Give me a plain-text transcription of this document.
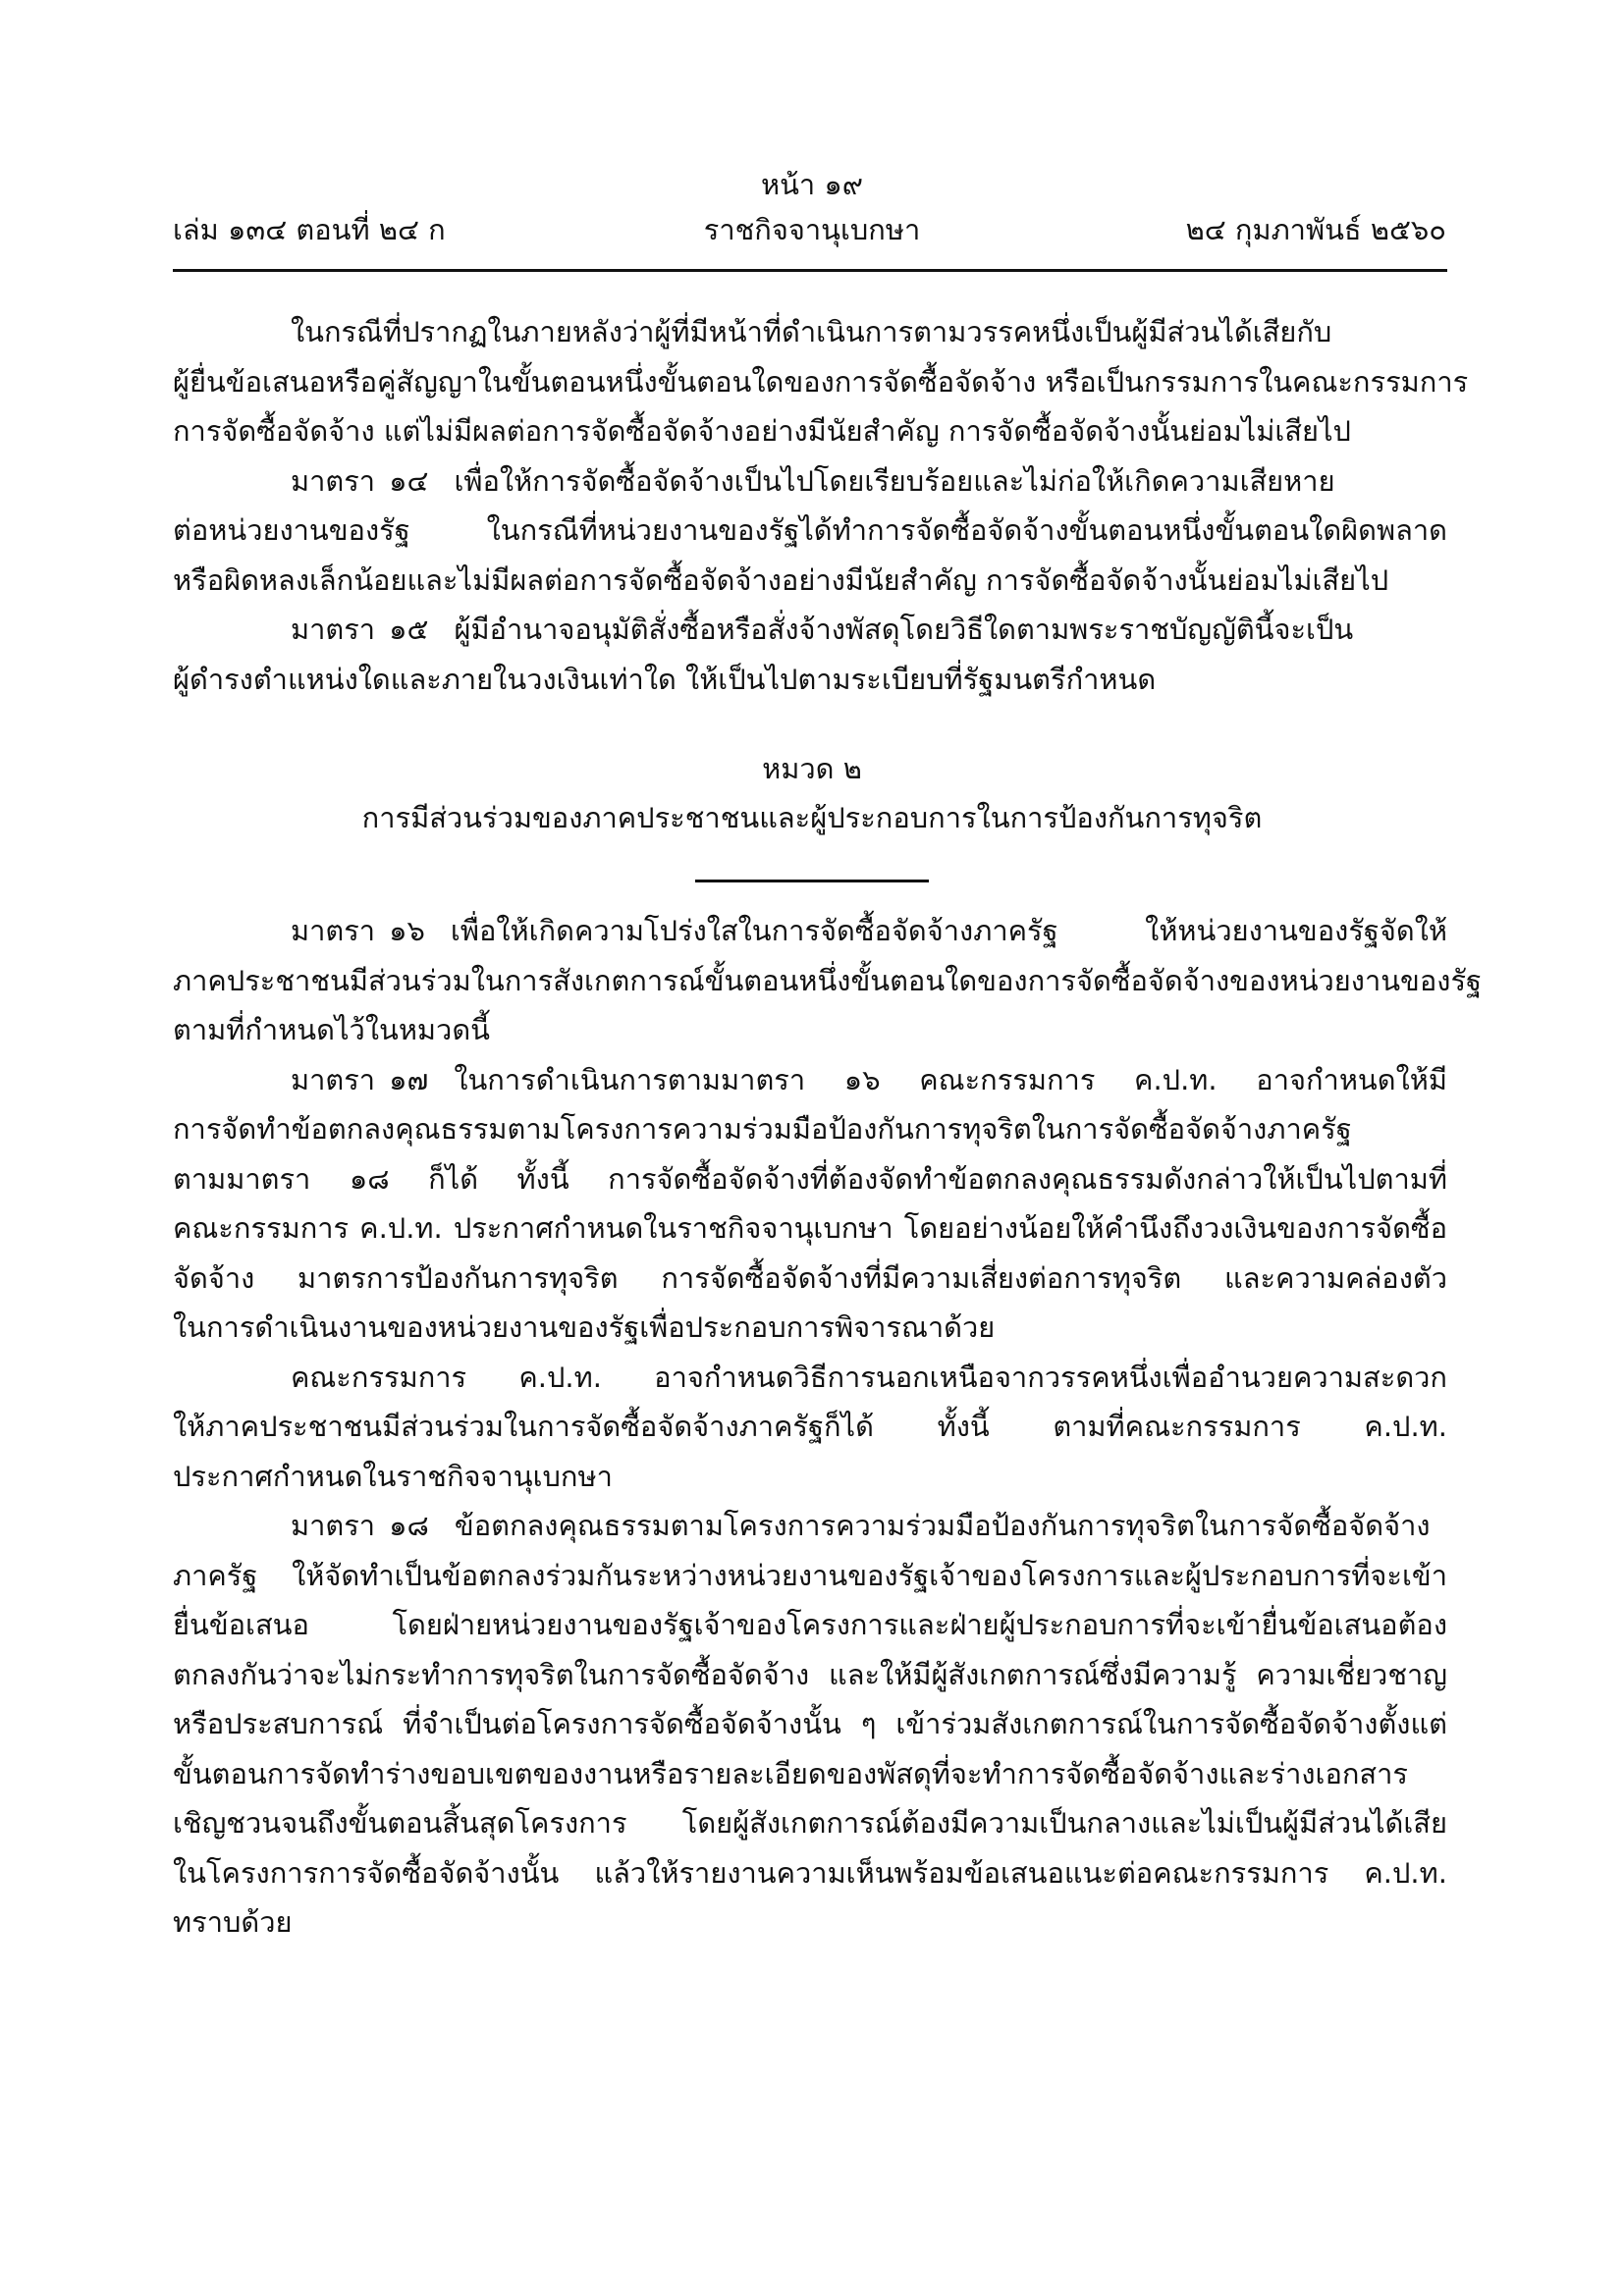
หน้า ๑๙
เล่ม ๑๓๔ ตอนที่ ๒๔ ก	ราชกิจจานุเบกษา	๒๔ กุมภาพันธ์ ๒๕๖๐
ในกรณีที่ปรากฏในภายหลังว่าผู้ที่มีหน้าที่ดำเนินการตามวรรคหนึ่งเป็นผู้มีส่วนได้เสียกับ
ผู้ยื่นข้อเสนอหรือคู่สัญญาในขั้นตอนหนึ่งขั้นตอนใดของการจัดซื้อจัดจ้าง หรือเป็นกรรมการในคณะกรรมการ
การจัดซื้อจัดจ้าง แต่ไม่มีผลต่อการจัดซื้อจัดจ้างอย่างมีนัยสำคัญ การจัดซื้อจัดจ้างนั้นย่อมไม่เสียไป
มาตรา ๑๔ เพื่อให้การจัดซื้อจัดจ้างเป็นไปโดยเรียบร้อยและไม่ก่อให้เกิดความเสียหาย
ต่อหน่วยงานของรัฐ ในกรณีที่หน่วยงานของรัฐได้ทำการจัดซื้อจัดจ้างขั้นตอนหนึ่งขั้นตอนใดผิดพลาด
หรือผิดหลงเล็กน้อยและไม่มีผลต่อการจัดซื้อจัดจ้างอย่างมีนัยสำคัญ การจัดซื้อจัดจ้างนั้นย่อมไม่เสียไป
มาตรา ๑๕ ผู้มีอำนาจอนุมัติสั่งซื้อหรือสั่งจ้างพัสดุโดยวิธีใดตามพระราชบัญญัตินี้จะเป็น
ผู้ดำรงตำแหน่งใดและภายในวงเงินเท่าใด ให้เป็นไปตามระเบียบที่รัฐมนตรีกำหนด
หมวด ๒
การมีส่วนร่วมของภาคประชาชนและผู้ประกอบการในการป้องกันการทุจริต
มาตรา ๑๖ เพื่อให้เกิดความโปร่งใสในการจัดซื้อจัดจ้างภาครัฐ ให้หน่วยงานของรัฐจัดให้
ภาคประชาชนมีส่วนร่วมในการสังเกตการณ์ขั้นตอนหนึ่งขั้นตอนใดของการจัดซื้อจัดจ้างของหน่วยงานของรัฐ
ตามที่กำหนดไว้ในหมวดนี้
มาตรา ๑๗ ในการดำเนินการตามมาตรา ๑๖ คณะกรรมการ ค.ป.ท. อาจกำหนดให้มี
การจัดทำข้อตกลงคุณธรรมตามโครงการความร่วมมือป้องกันการทุจริตในการจัดซื้อจัดจ้างภาครัฐ
ตามมาตรา ๑๘ ก็ได้ ทั้งนี้ การจัดซื้อจัดจ้างที่ต้องจัดทำข้อตกลงคุณธรรมดังกล่าวให้เป็นไปตามที่
คณะกรรมการ ค.ป.ท. ประกาศกำหนดในราชกิจจานุเบกษา โดยอย่างน้อยให้คำนึงถึงวงเงินของการจัดซื้อ
จัดจ้าง มาตรการป้องกันการทุจริต การจัดซื้อจัดจ้างที่มีความเสี่ยงต่อการทุจริต และความคล่องตัว
ในการดำเนินงานของหน่วยงานของรัฐเพื่อประกอบการพิจารณาด้วย
คณะกรรมการ ค.ป.ท. อาจกำหนดวิธีการนอกเหนือจากวรรคหนึ่งเพื่ออำนวยความสะดวก
ให้ภาคประชาชนมีส่วนร่วมในการจัดซื้อจัดจ้างภาครัฐก็ได้ ทั้งนี้ ตามที่คณะกรรมการ ค.ป.ท.
ประกาศกำหนดในราชกิจจานุเบกษา
มาตรา ๑๘ ข้อตกลงคุณธรรมตามโครงการความร่วมมือป้องกันการทุจริตในการจัดซื้อจัดจ้าง
ภาครัฐ ให้จัดทำเป็นข้อตกลงร่วมกันระหว่างหน่วยงานของรัฐเจ้าของโครงการและผู้ประกอบการที่จะเข้า
ยื่นข้อเสนอ โดยฝ่ายหน่วยงานของรัฐเจ้าของโครงการและฝ่ายผู้ประกอบการที่จะเข้ายื่นข้อเสนอต้อง
ตกลงกันว่าจะไม่กระทำการทุจริตในการจัดซื้อจัดจ้าง และให้มีผู้สังเกตการณ์ซึ่งมีความรู้ ความเชี่ยวชาญ
หรือประสบการณ์ ที่จำเป็นต่อโครงการจัดซื้อจัดจ้างนั้น ๆ เข้าร่วมสังเกตการณ์ในการจัดซื้อจัดจ้างตั้งแต่
ขั้นตอนการจัดทำร่างขอบเขตของงานหรือรายละเอียดของพัสดุที่จะทำการจัดซื้อจัดจ้างและร่างเอกสาร
เชิญชวนจนถึงขั้นตอนสิ้นสุดโครงการ โดยผู้สังเกตการณ์ต้องมีความเป็นกลางและไม่เป็นผู้มีส่วนได้เสีย
ในโครงการการจัดซื้อจัดจ้างนั้น แล้วให้รายงานความเห็นพร้อมข้อเสนอแนะต่อคณะกรรมการ ค.ป.ท.
ทราบด้วย
